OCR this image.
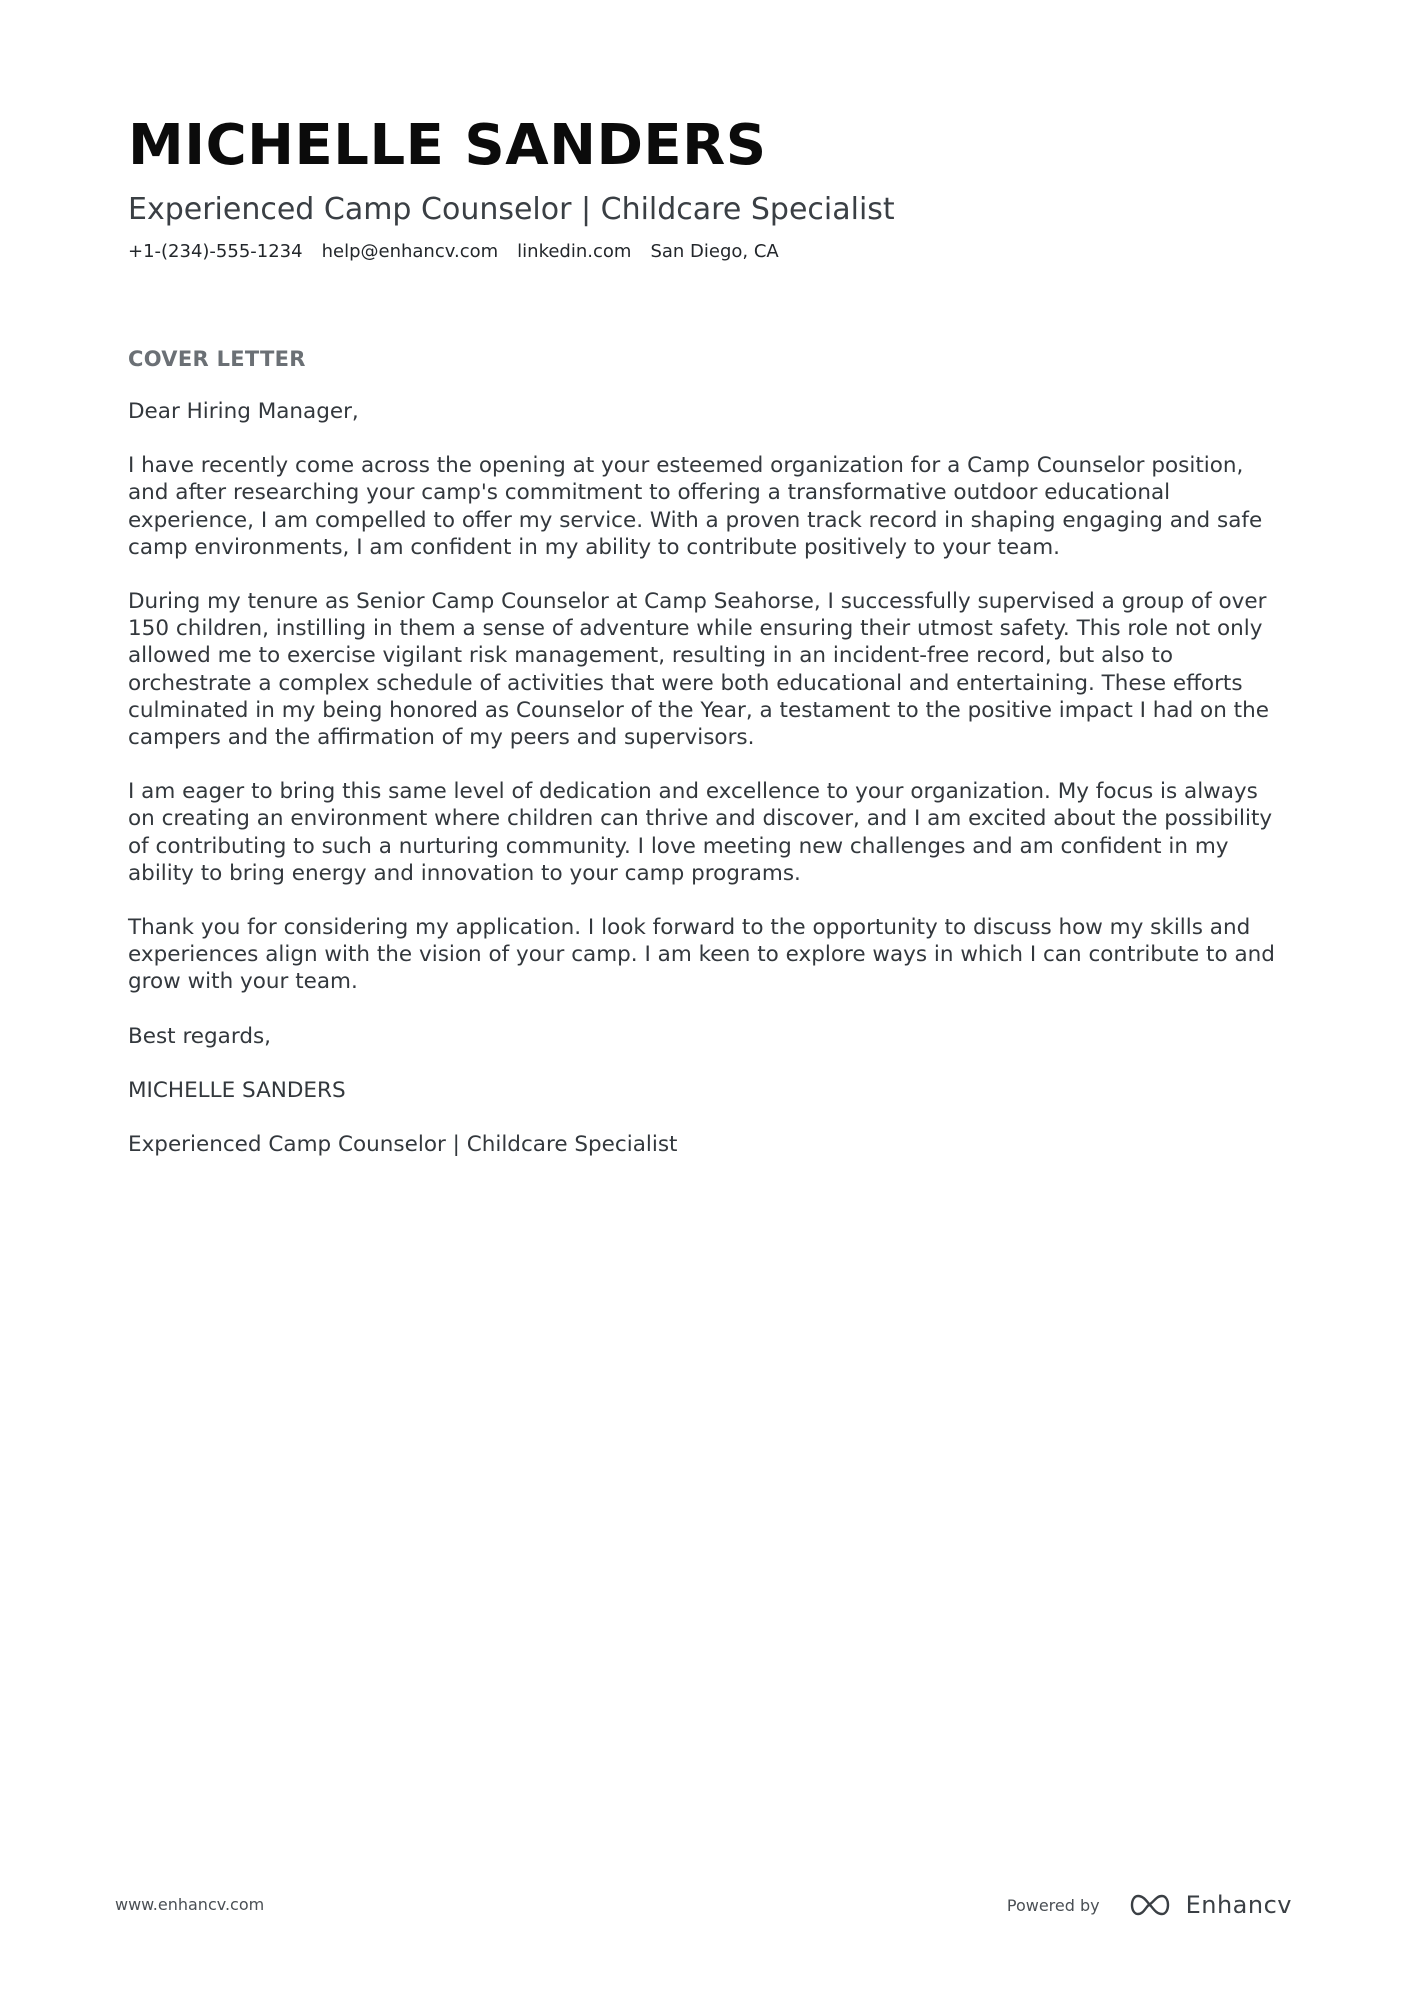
MICHELLE SANDERS
Experienced Camp Counselor | Childcare Specialist
+1-(234)-555-1234 help@enhancv.com linkedin.com San Diego, CA
COVER LETTER

Dear Hiring Manager,

I have recently come across the opening at your esteemed organization for a Camp Counselor position, and after researching your camp's commitment to offering a transformative outdoor educational experience, I am compelled to offer my service. With a proven track record in shaping engaging and safe camp environments, I am confident in my ability to contribute positively to your team.

During my tenure as Senior Camp Counselor at Camp Seahorse, I successfully supervised a group of over 150 children, instilling in them a sense of adventure while ensuring their utmost safety. This role not only allowed me to exercise vigilant risk management, resulting in an incident-free record, but also to orchestrate a complex schedule of activities that were both educational and entertaining. These efforts culminated in my being honored as Counselor of the Year, a testament to the positive impact I had on the campers and the affirmation of my peers and supervisors.

I am eager to bring this same level of dedication and excellence to your organization. My focus is always on creating an environment where children can thrive and discover, and I am excited about the possibility of contributing to such a nurturing community. I love meeting new challenges and am confident in my ability to bring energy and innovation to your camp programs.

Thank you for considering my application. I look forward to the opportunity to discuss how my skills and experiences align with the vision of your camp. I am keen to explore ways in which I can contribute to and grow with your team.

Best regards,

MICHELLE SANDERS

Experienced Camp Counselor | Childcare Specialist

www.enhancv.com	Powered by	Enhancv
